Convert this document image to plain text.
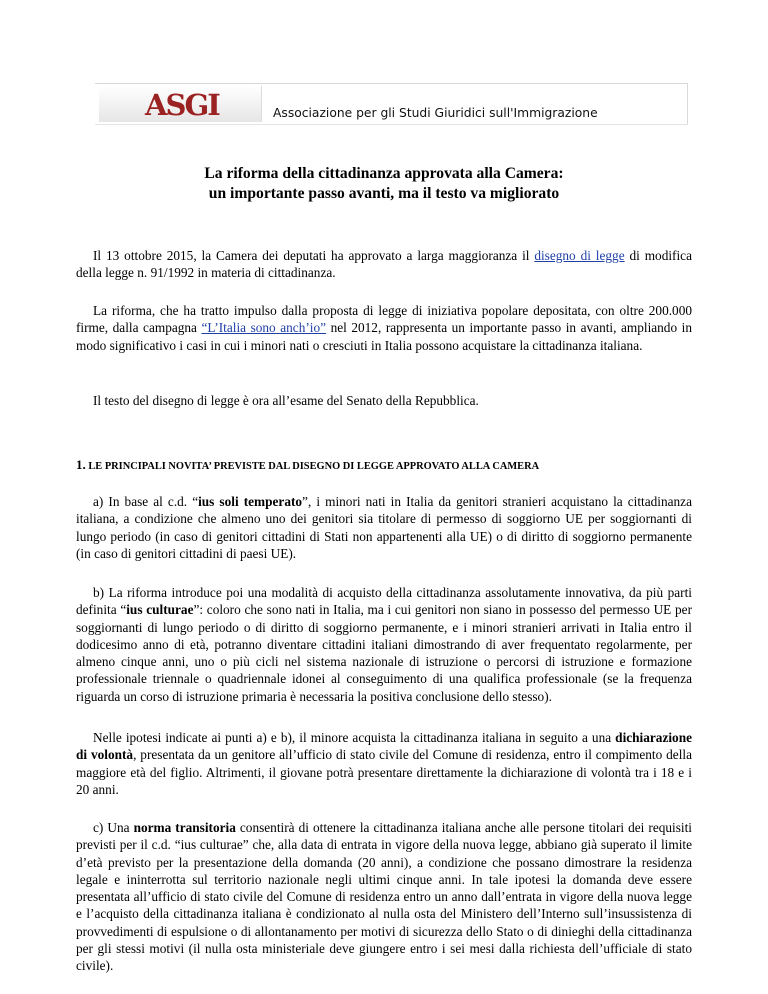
ASGI	Associazione per gli Studi Giuridici sull'Immigrazione
La riforma della cittadinanza approvata alla Camera:
un importante passo avanti, ma il testo va migliorato
Il 13 ottobre 2015, la Camera dei deputati ha approvato a larga maggioranza il disegno di legge di modifica della legge n. 91/1992 in materia di cittadinanza.
La riforma, che ha tratto impulso dalla proposta di legge di iniziativa popolare depositata, con oltre 200.000 firme, dalla campagna “L’Italia sono anch’io” nel 2012, rappresenta un importante passo in avanti, ampliando in modo significativo i casi in cui i minori nati o cresciuti in Italia possono acquistare la cittadinanza italiana.
Il testo del disegno di legge è ora all’esame del Senato della Repubblica.
1. LE PRINCIPALI NOVITA’ PREVISTE DAL DISEGNO DI LEGGE APPROVATO ALLA CAMERA
a) In base al c.d. “ius soli temperato”, i minori nati in Italia da genitori stranieri acquistano la cittadinanza italiana, a condizione che almeno uno dei genitori sia titolare di permesso di soggiorno UE per soggiornanti di lungo periodo (in caso di genitori cittadini di Stati non appartenenti alla UE) o di diritto di soggiorno permanente (in caso di genitori cittadini di paesi UE).
b) La riforma introduce poi una modalità di acquisto della cittadinanza assolutamente innovativa, da più parti definita “ius culturae”: coloro che sono nati in Italia, ma i cui genitori non siano in possesso del permesso UE per soggiornanti di lungo periodo o di diritto di soggiorno permanente, e i minori stranieri arrivati in Italia entro il dodicesimo anno di età, potranno diventare cittadini italiani dimostrando di aver frequentato regolarmente, per almeno cinque anni, uno o più cicli nel sistema nazionale di istruzione o percorsi di istruzione e formazione professionale triennale o quadriennale idonei al conseguimento di una qualifica professionale (se la frequenza riguarda un corso di istruzione primaria è necessaria la positiva conclusione dello stesso).
Nelle ipotesi indicate ai punti a) e b), il minore acquista la cittadinanza italiana in seguito a una dichiarazione di volontà, presentata da un genitore all’ufficio di stato civile del Comune di residenza, entro il compimento della maggiore età del figlio. Altrimenti, il giovane potrà presentare direttamente la dichiarazione di volontà tra i 18 e i 20 anni.
c) Una norma transitoria consentirà di ottenere la cittadinanza italiana anche alle persone titolari dei requisiti previsti per il c.d. “ius culturae” che, alla data di entrata in vigore della nuova legge, abbiano già superato il limite d’età previsto per la presentazione della domanda (20 anni), a condizione che possano dimostrare la residenza legale e ininterrotta sul territorio nazionale negli ultimi cinque anni. In tale ipotesi la domanda deve essere presentata all’ufficio di stato civile del Comune di residenza entro un anno dall’entrata in vigore della nuova legge e l’acquisto della cittadinanza italiana è condizionato al nulla osta del Ministero dell’Interno sull’insussistenza di provvedimenti di espulsione o di allontanamento per motivi di sicurezza dello Stato o di dinieghi della cittadinanza per gli stessi motivi (il nulla osta ministeriale deve giungere entro i sei mesi dalla richiesta dell’ufficiale di stato civile).
